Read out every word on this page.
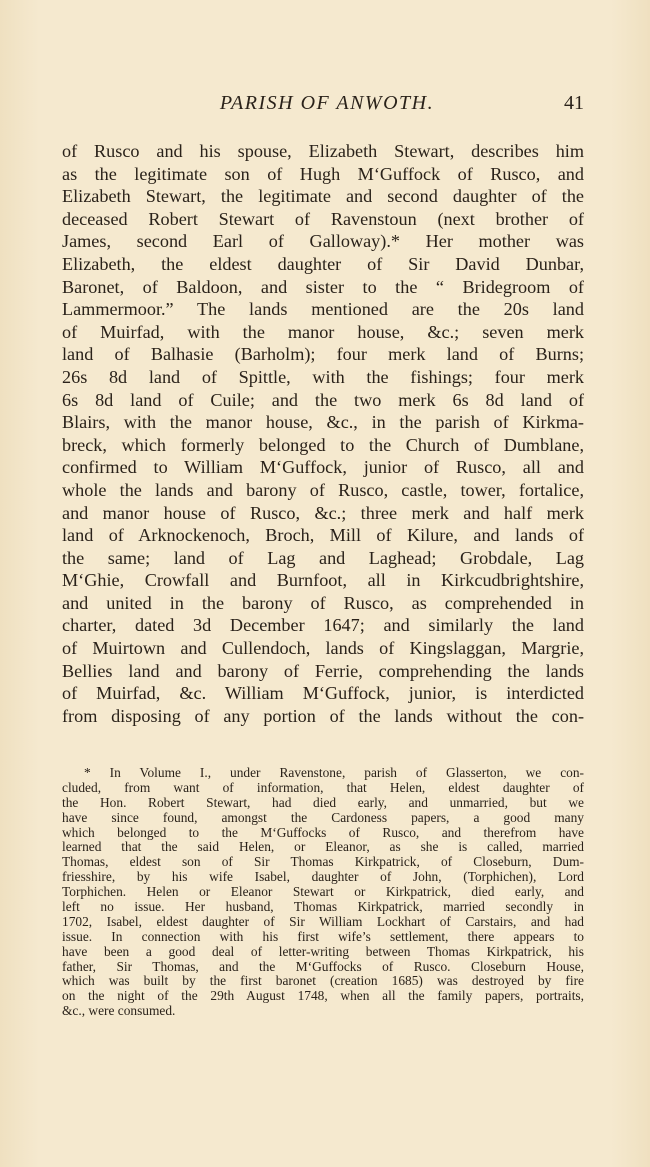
PARISH OF ANWOTH.	41
of Rusco and his spouse, Elizabeth Stewart, describes him
as the legitimate son of Hugh M‘Guffock of Rusco, and
Elizabeth Stewart, the legitimate and second daughter of the
deceased Robert Stewart of Ravenstoun (next brother of
James, second Earl of Galloway).* Her mother was
Elizabeth, the eldest daughter of Sir David Dunbar,
Baronet, of Baldoon, and sister to the “ Bridegroom of
Lammermoor.” The lands mentioned are the 20s land
of Muirfad, with the manor house, &c.; seven merk
land of Balhasie (Barholm); four merk land of Burns;
26s 8d land of Spittle, with the fishings; four merk
6s 8d land of Cuile; and the two merk 6s 8d land of
Blairs, with the manor house, &c., in the parish of Kirkma-
breck, which formerly belonged to the Church of Dumblane,
confirmed to William M‘Guffock, junior of Rusco, all and
whole the lands and barony of Rusco, castle, tower, fortalice,
and manor house of Rusco, &c.; three merk and half merk
land of Arknockenoch, Broch, Mill of Kilure, and lands of
the same; land of Lag and Laghead; Grobdale, Lag
M‘Ghie, Crowfall and Burnfoot, all in Kirkcudbrightshire,
and united in the barony of Rusco, as comprehended in
charter, dated 3d December 1647; and similarly the land
of Muirtown and Cullendoch, lands of Kingslaggan, Margrie,
Bellies land and barony of Ferrie, comprehending the lands
of Muirfad, &c. William M‘Guffock, junior, is interdicted
from disposing of any portion of the lands without the con-
* In Volume I., under Ravenstone, parish of Glasserton, we con-
cluded, from want of information, that Helen, eldest daughter of
the Hon. Robert Stewart, had died early, and unmarried, but we
have since found, amongst the Cardoness papers, a good many
which belonged to the M‘Guffocks of Rusco, and therefrom have
learned that the said Helen, or Eleanor, as she is called, married
Thomas, eldest son of Sir Thomas Kirkpatrick, of Closeburn, Dum-
friesshire, by his wife Isabel, daughter of John, (Torphichen), Lord
Torphichen. Helen or Eleanor Stewart or Kirkpatrick, died early, and
left no issue. Her husband, Thomas Kirkpatrick, married secondly in
1702, Isabel, eldest daughter of Sir William Lockhart of Carstairs, and had
issue. In connection with his first wife’s settlement, there appears to
have been a good deal of letter-writing between Thomas Kirkpatrick, his
father, Sir Thomas, and the M‘Guffocks of Rusco. Closeburn House,
which was built by the first baronet (creation 1685) was destroyed by fire
on the night of the 29th August 1748, when all the family papers, portraits,
&c., were consumed.
